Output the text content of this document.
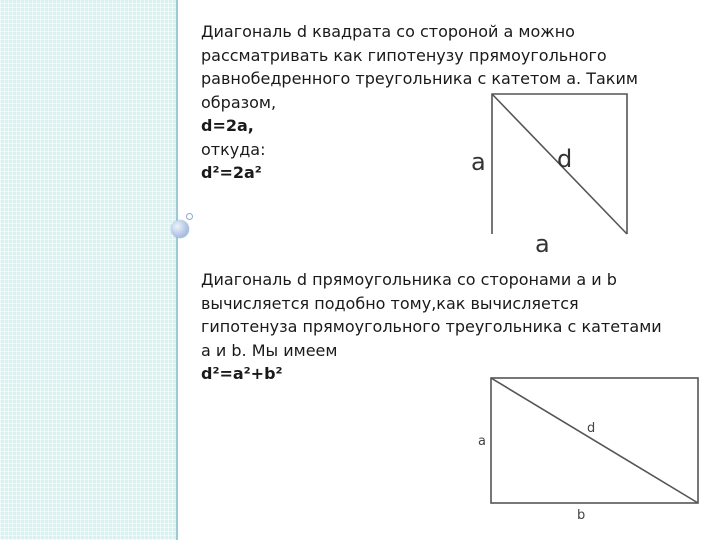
Диагональ d квадрата со стороной а можно
рассматривать как гипотенузу прямоугольного
равнобедренного треугольника с катетом а. Таким
образом,
d=2a,
откуда:
d²=2a²
Диагональ d прямоугольника со сторонами а и b
вычисляется подобно тому,как вычисляется
гипотенуза прямоугольного треугольника с катетами
a и b. Мы имеем
d²=a²+b²
a	d
a
a
d
b
